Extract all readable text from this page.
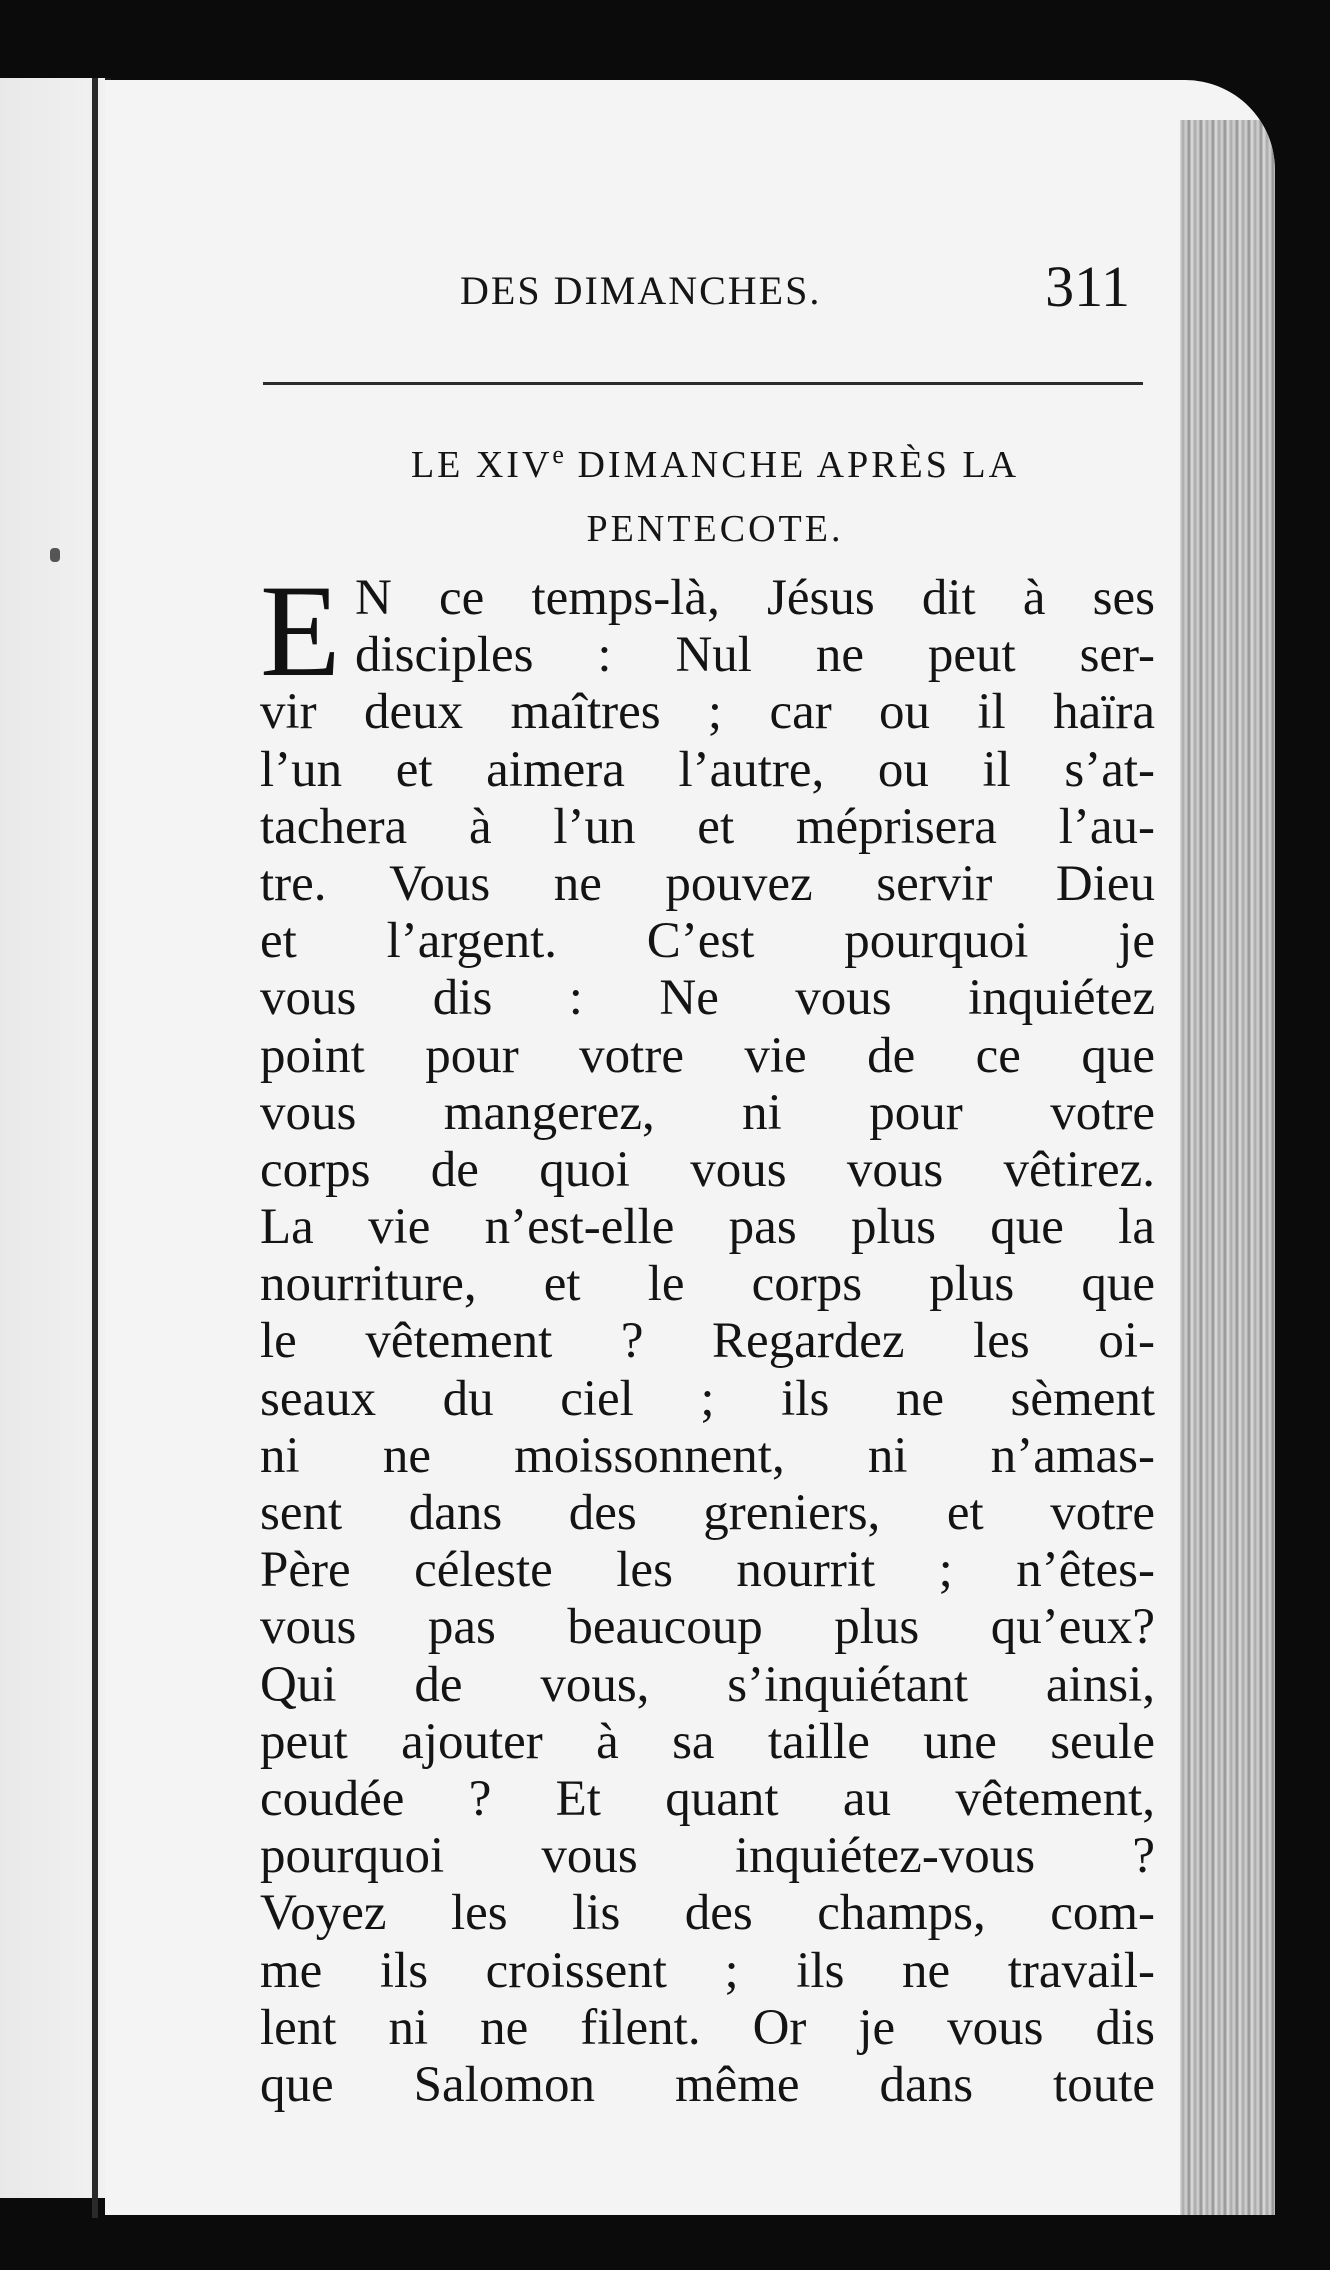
DES DIMANCHES.	311
LE XIVe DIMANCHE APRÈS LA
PENTECOTE.
E N ce temps-là, Jésus dit à ses
disciples : Nul ne peut ser-
vir deux maîtres ; car ou il haïra
l’un et aimera l’autre, ou il s’at-
tachera à l’un et méprisera l’au-
tre. Vous ne pouvez servir Dieu
et l’argent. C’est pourquoi je
vous dis : Ne vous inquiétez
point pour votre vie de ce que
vous mangerez, ni pour votre
corps de quoi vous vous vêtirez.
La vie n’est-elle pas plus que la
nourriture, et le corps plus que
le vêtement ? Regardez les oi-
seaux du ciel ; ils ne sèment
ni ne moissonnent, ni n’amas-
sent dans des greniers, et votre
Père céleste les nourrit ; n’êtes-
vous pas beaucoup plus qu’eux?
Qui de vous, s’inquiétant ainsi,
peut ajouter à sa taille une seule
coudée ? Et quant au vêtement,
pourquoi vous inquiétez-vous ?
Voyez les lis des champs, com-
me ils croissent ; ils ne travail-
lent ni ne filent. Or je vous dis
que Salomon même dans toute
